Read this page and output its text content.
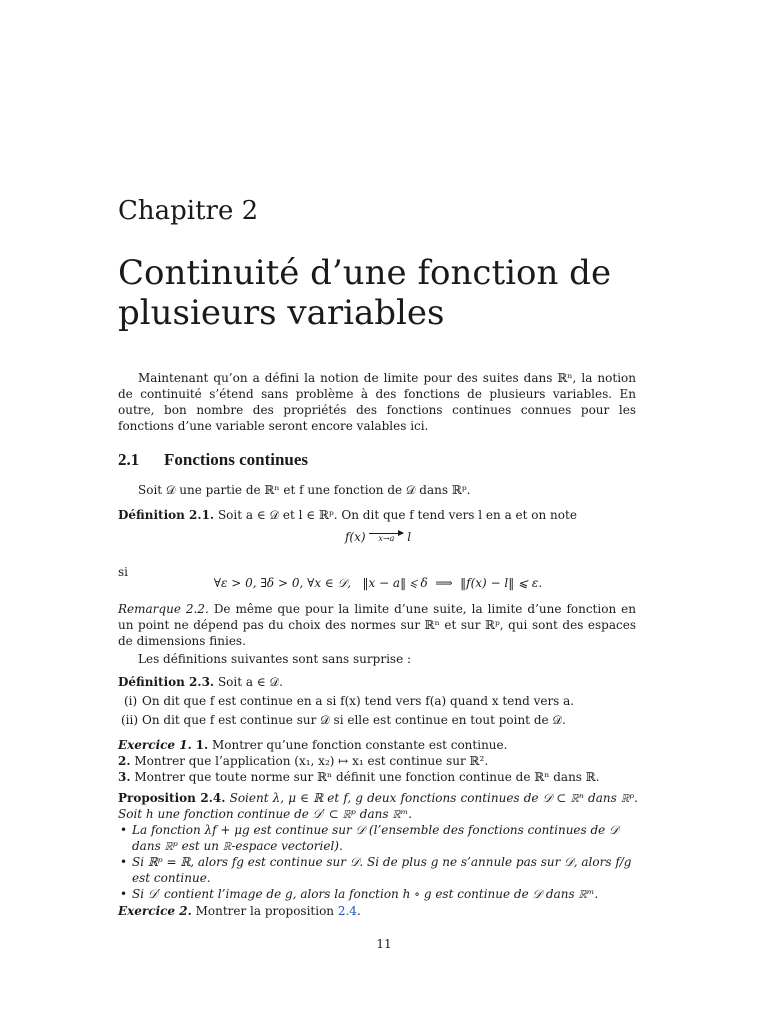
Chapitre 2
Continuité d’une fonction de plusieurs variables
Maintenant qu’on a défini la notion de limite pour des suites dans ℝⁿ, la notion de continuité s’étend sans problème à des fonctions de plusieurs variables. En outre, bon nombre des propriétés des fonctions continues connues pour les fonctions d’une variable seront encore valables ici.
2.1 Fonctions continues
Soit 𝒟 une partie de ℝⁿ et f une fonction de 𝒟 dans ℝᵖ.
Définition 2.1. Soit a ∈ 𝒟 et l ∈ ℝᵖ. On dit que f tend vers l en a et on note
f(x)	x→a	l
si
∀ε > 0, ∃δ > 0, ∀x ∈ 𝒟,   ‖x − a‖ ⩽ δ  ⟹  ‖f(x) − l‖ ⩽ ε.
Remarque 2.2. De même que pour la limite d’une suite, la limite d’une fonction en un point ne dépend pas du choix des normes sur ℝⁿ et sur ℝᵖ, qui sont des espaces de dimensions finies.
Les définitions suivantes sont sans surprise :
Définition 2.3. Soit a ∈ 𝒟.
(i) On dit que f est continue en a si f(x) tend vers f(a) quand x tend vers a.
(ii) On dit que f est continue sur 𝒟 si elle est continue en tout point de 𝒟.
Exercice 1. 1. Montrer qu’une fonction constante est continue.
2. Montrer que l’application (x₁, x₂) ↦ x₁ est continue sur ℝ².
3. Montrer que toute norme sur ℝⁿ définit une fonction continue de ℝⁿ dans ℝ.
Proposition 2.4. Soient λ, μ ∈ ℝ et f, g deux fonctions continues de 𝒟 ⊂ ℝⁿ dans ℝᵖ. Soit h une fonction continue de 𝒟′ ⊂ ℝᵖ dans ℝᵐ.
• La fonction λf + μg est continue sur 𝒟 (l’ensemble des fonctions continues de 𝒟 dans ℝᵖ est un ℝ-espace vectoriel).
• Si ℝᵖ = ℝ, alors fg est continue sur 𝒟. Si de plus g ne s’annule pas sur 𝒟, alors f/g est continue.
• Si 𝒟′ contient l’image de g, alors la fonction h ∘ g est continue de 𝒟 dans ℝᵐ.
Exercice 2. Montrer la proposition 2.4.
11
